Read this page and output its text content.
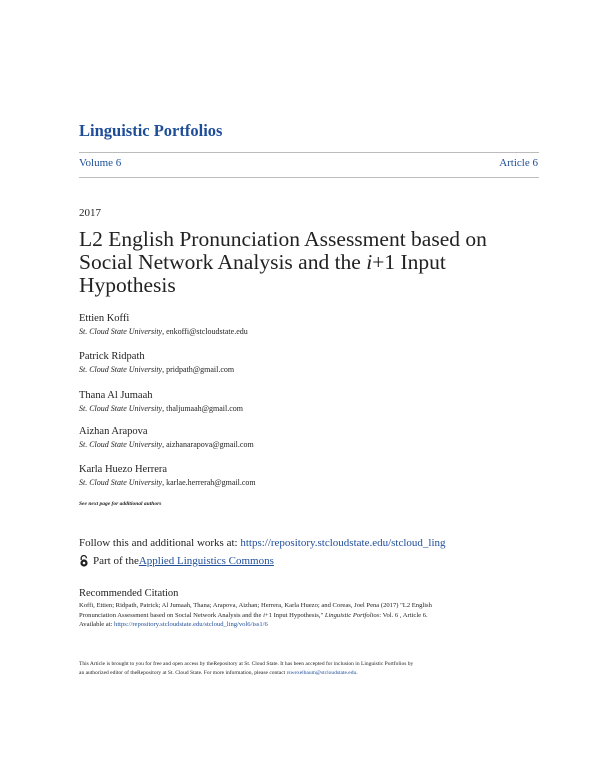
Linguistic Portfolios
Volume 6	Article 6
2017
L2 English Pronunciation Assessment based on Social Network Analysis and the i+1 Input Hypothesis
Ettien Koffi
St. Cloud State University, enkoffi@stcloudstate.edu
Patrick Ridpath
St. Cloud State University, pridpath@gmail.com
Thana Al Jumaah
St. Cloud State University, thaljumaah@gmail.com
Aizhan Arapova
St. Cloud State University, aizhanarapova@gmail.com
Karla Huezo Herrera
St. Cloud State University, karlae.herrerah@gmail.com
See next page for additional authors
Follow this and additional works at: https://repository.stcloudstate.edu/stcloud_ling
Part of the Applied Linguistics Commons
Recommended Citation
Koffi, Ettien; Ridpath, Patrick; Al Jumaah, Thana; Arapova, Aizhan; Herrera, Karla Huezo; and Coreas, Joel Pena (2017) "L2 English
Pronunciation Assessment based on Social Network Analysis and the i+1 Input Hypothesis," Linguistic Portfolios: Vol. 6 , Article 6.
Available at: https://repository.stcloudstate.edu/stcloud_ling/vol6/iss1/6
This Article is brought to you for free and open access by theRepository at St. Cloud State. It has been accepted for inclusion in Linguistic Portfolios by
an authorized editor of theRepository at St. Cloud State. For more information, please contact rswexelbaum@stcloudstate.edu.
